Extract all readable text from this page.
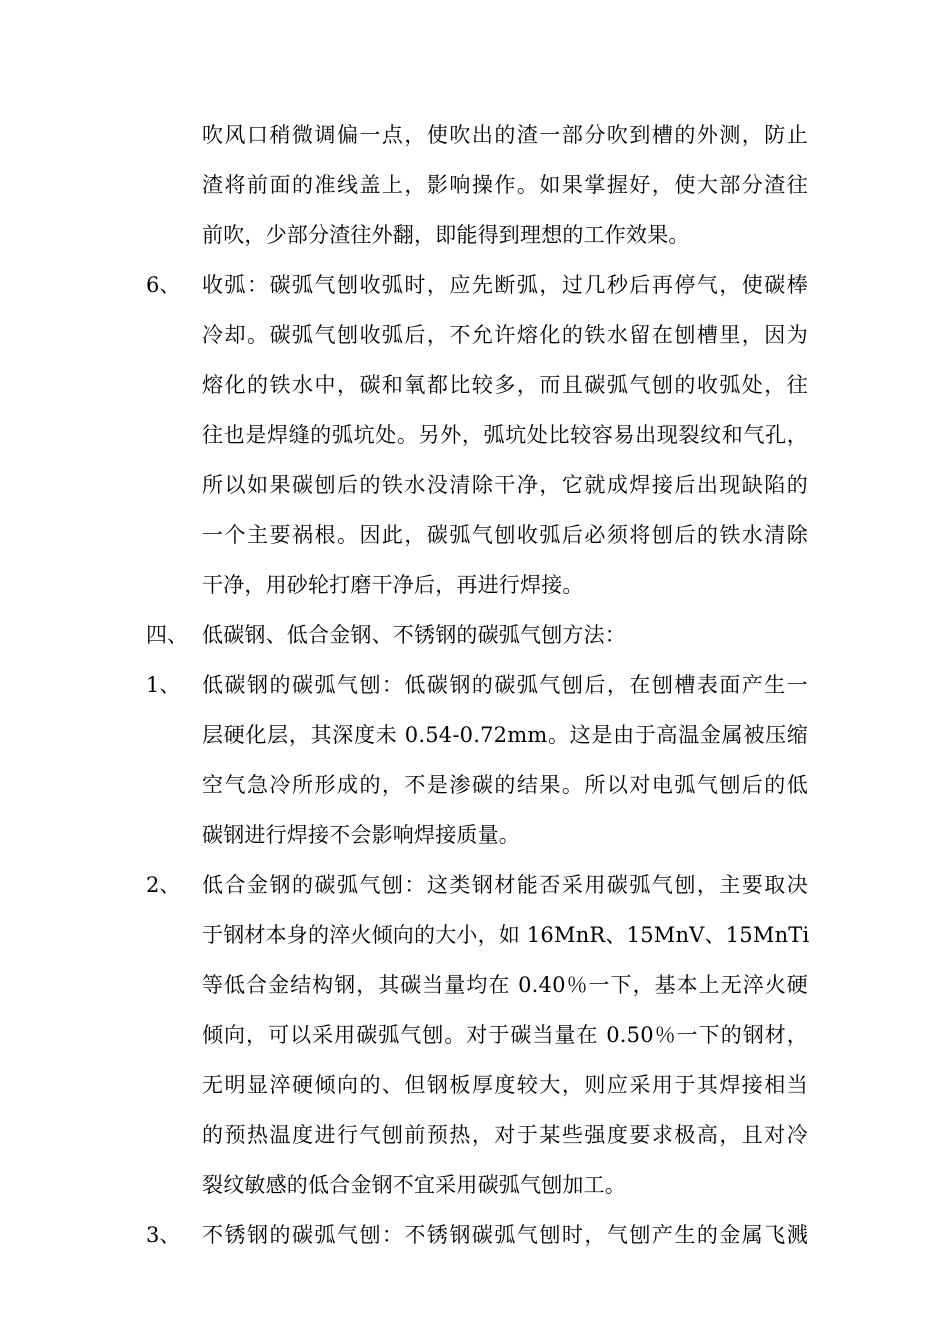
吹风口稍微调偏一点，使吹出的渣一部分吹到槽的外测，防止
渣将前面的准线盖上，影响操作。如果掌握好，使大部分渣往
前吹，少部分渣往外翻，即能得到理想的工作效果。
6、 收弧：碳弧气刨收弧时，应先断弧，过几秒后再停气，使碳棒
冷却。碳弧气刨收弧后，不允许熔化的铁水留在刨槽里，因为
熔化的铁水中，碳和氧都比较多，而且碳弧气刨的收弧处，往
往也是焊缝的弧坑处。另外，弧坑处比较容易出现裂纹和气孔，
所以如果碳刨后的铁水没清除干净，它就成焊接后出现缺陷的
一个主要祸根。因此，碳弧气刨收弧后必须将刨后的铁水清除
干净，用砂轮打磨干净后，再进行焊接。
四、 低碳钢、低合金钢、不锈钢的碳弧气刨方法：
1、 低碳钢的碳弧气刨：低碳钢的碳弧气刨后，在刨槽表面产生一
层硬化层，其深度未 0.54-0.72mm。这是由于高温金属被压缩
空气急冷所形成的，不是渗碳的结果。所以对电弧气刨后的低
碳钢进行焊接不会影响焊接质量。
2、 低合金钢的碳弧气刨：这类钢材能否采用碳弧气刨，主要取决
于钢材本身的淬火倾向的大小，如 16MnR、15MnV、15MnTi
等低合金结构钢，其碳当量均在 0.40％一下，基本上无淬火硬
倾向，可以采用碳弧气刨。对于碳当量在 0.50％一下的钢材，
无明显淬硬倾向的、但钢板厚度较大，则应采用于其焊接相当
的预热温度进行气刨前预热，对于某些强度要求极高，且对冷
裂纹敏感的低合金钢不宜采用碳弧气刨加工。
3、 不锈钢的碳弧气刨：不锈钢碳弧气刨时，气刨产生的金属飞溅
